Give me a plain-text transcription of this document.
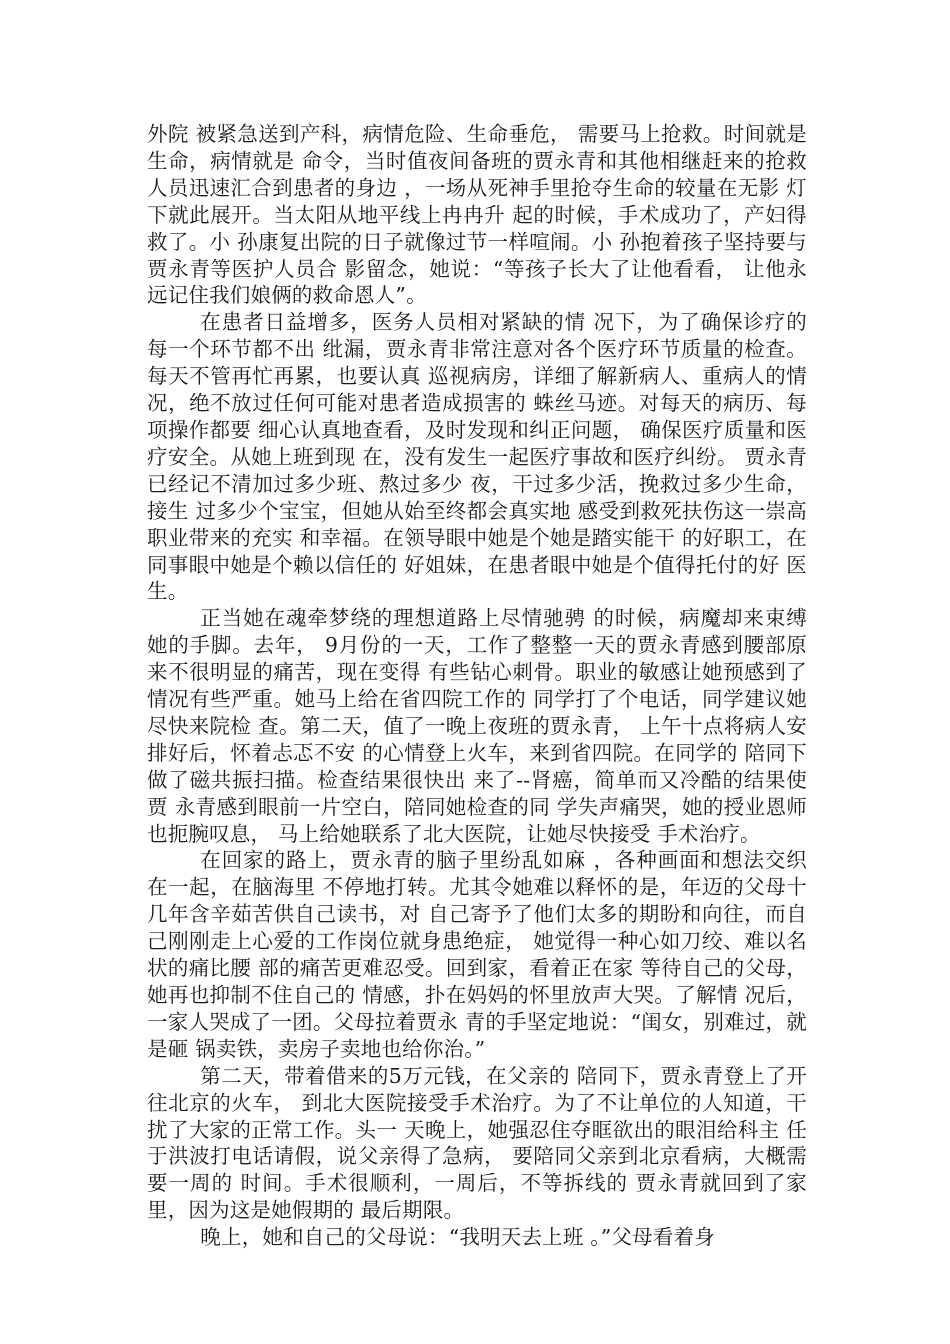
外院 被紧急送到产科，病情危险、生命垂危， 需要马上抢救。时间就是生命，病情就是 命令，当时值夜间备班的贾永青和其他相继赶来的抢救人员迅速汇合到患者的身边 ，一场从死神手里抢夺生命的较量在无影 灯下就此展开。当太阳从地平线上冉冉升 起的时候，手术成功了，产妇得救了。小 孙康复出院的日子就像过节一样喧闹。小 孙抱着孩子坚持要与贾永青等医护人员合 影留念，她说：“等孩子长大了让他看看， 让他永远记住我们娘俩的救命恩人”。

在患者日益增多，医务人员相对紧缺的情 况下，为了确保诊疗的每一个环节都不出 纰漏，贾永青非常注意对各个医疗环节质量的检查。每天不管再忙再累，也要认真 巡视病房，详细了解新病人、重病人的情 况，绝不放过任何可能对患者造成损害的 蛛丝马迹。对每天的病历、每项操作都要 细心认真地查看，及时发现和纠正问题， 确保医疗质量和医疗安全。从她上班到现 在，没有发生一起医疗事故和医疗纠纷。 贾永青已经记不清加过多少班、熬过多少 夜，干过多少活，挽救过多少生命，接生 过多少个宝宝，但她从始至终都会真实地 感受到救死扶伤这一崇高职业带来的充实 和幸福。在领导眼中她是个她是踏实能干 的好职工，在同事眼中她是个赖以信任的 好姐妹，在患者眼中她是个值得托付的好 医生。

正当她在魂牵梦绕的理想道路上尽情驰骋 的时候，病魔却来束缚她的手脚。去年， 9月份的一天，工作了整整一天的贾永青感到腰部原来不很明显的痛苦，现在变得 有些钻心刺骨。职业的敏感让她预感到了 情况有些严重。她马上给在省四院工作的 同学打了个电话，同学建议她尽快来院检 查。第二天，值了一晚上夜班的贾永青， 上午十点将病人安排好后，怀着忐忑不安 的心情登上火车，来到省四院。在同学的 陪同下做了磁共振扫描。检查结果很快出 来了--肾癌，简单而又冷酷的结果使贾 永青感到眼前一片空白，陪同她检查的同 学失声痛哭，她的授业恩师也扼腕叹息， 马上给她联系了北大医院，让她尽快接受 手术治疗。

在回家的路上，贾永青的脑子里纷乱如麻 ，各种画面和想法交织在一起，在脑海里 不停地打转。尤其令她难以释怀的是，年迈的父母十几年含辛茹苦供自己读书，对 自己寄予了他们太多的期盼和向往，而自 己刚刚走上心爱的工作岗位就身患绝症， 她觉得一种心如刀绞、难以名状的痛比腰 部的痛苦更难忍受。回到家，看着正在家 等待自己的父母，她再也抑制不住自己的 情感，扑在妈妈的怀里放声大哭。了解情 况后，一家人哭成了一团。父母拉着贾永 青的手坚定地说：“闺女，别难过，就是砸 锅卖铁，卖房子卖地也给你治。”

第二天，带着借来的5万元钱，在父亲的 陪同下，贾永青登上了开往北京的火车， 到北大医院接受手术治疗。为了不让单位的人知道，干扰了大家的正常工作。头一 天晚上，她强忍住夺眶欲出的眼泪给科主 任于洪波打电话请假，说父亲得了急病， 要陪同父亲到北京看病，大概需要一周的 时间。手术很顺利，一周后，不等拆线的 贾永青就回到了家里，因为这是她假期的 最后期限。

晚上，她和自己的父母说：“我明天去上班 。”父母看着身
